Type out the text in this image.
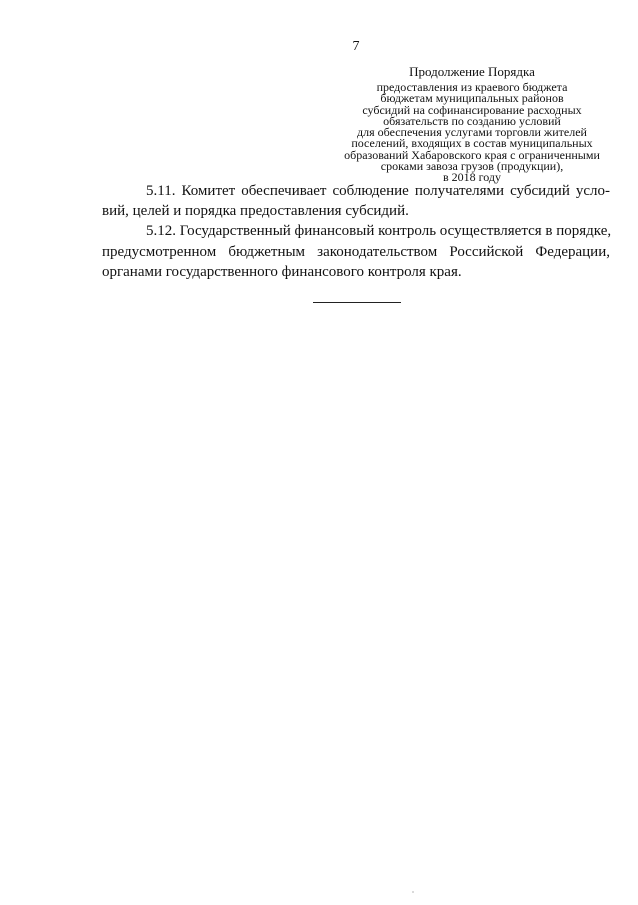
7
Продолжение Порядка
предоставления из краевого бюджета
бюджетам муниципальных районов
субсидий на софинансирование расходных
обязательств по созданию условий
для обеспечения услугами торговли жителей
поселений, входящих в состав муниципальных
образований Хабаровского края с ограниченными
сроками завоза грузов (продукции),
в 2018 году
5.11. Комитет обеспечивает соблюдение получателями субсидий усло-
вий, целей и порядка предоставления субсидий.
5.12. Государственный финансовый контроль осуществляется в порядке,
предусмотренном бюджетным законодательством Российской Федерации,
органами государственного финансового контроля края.
